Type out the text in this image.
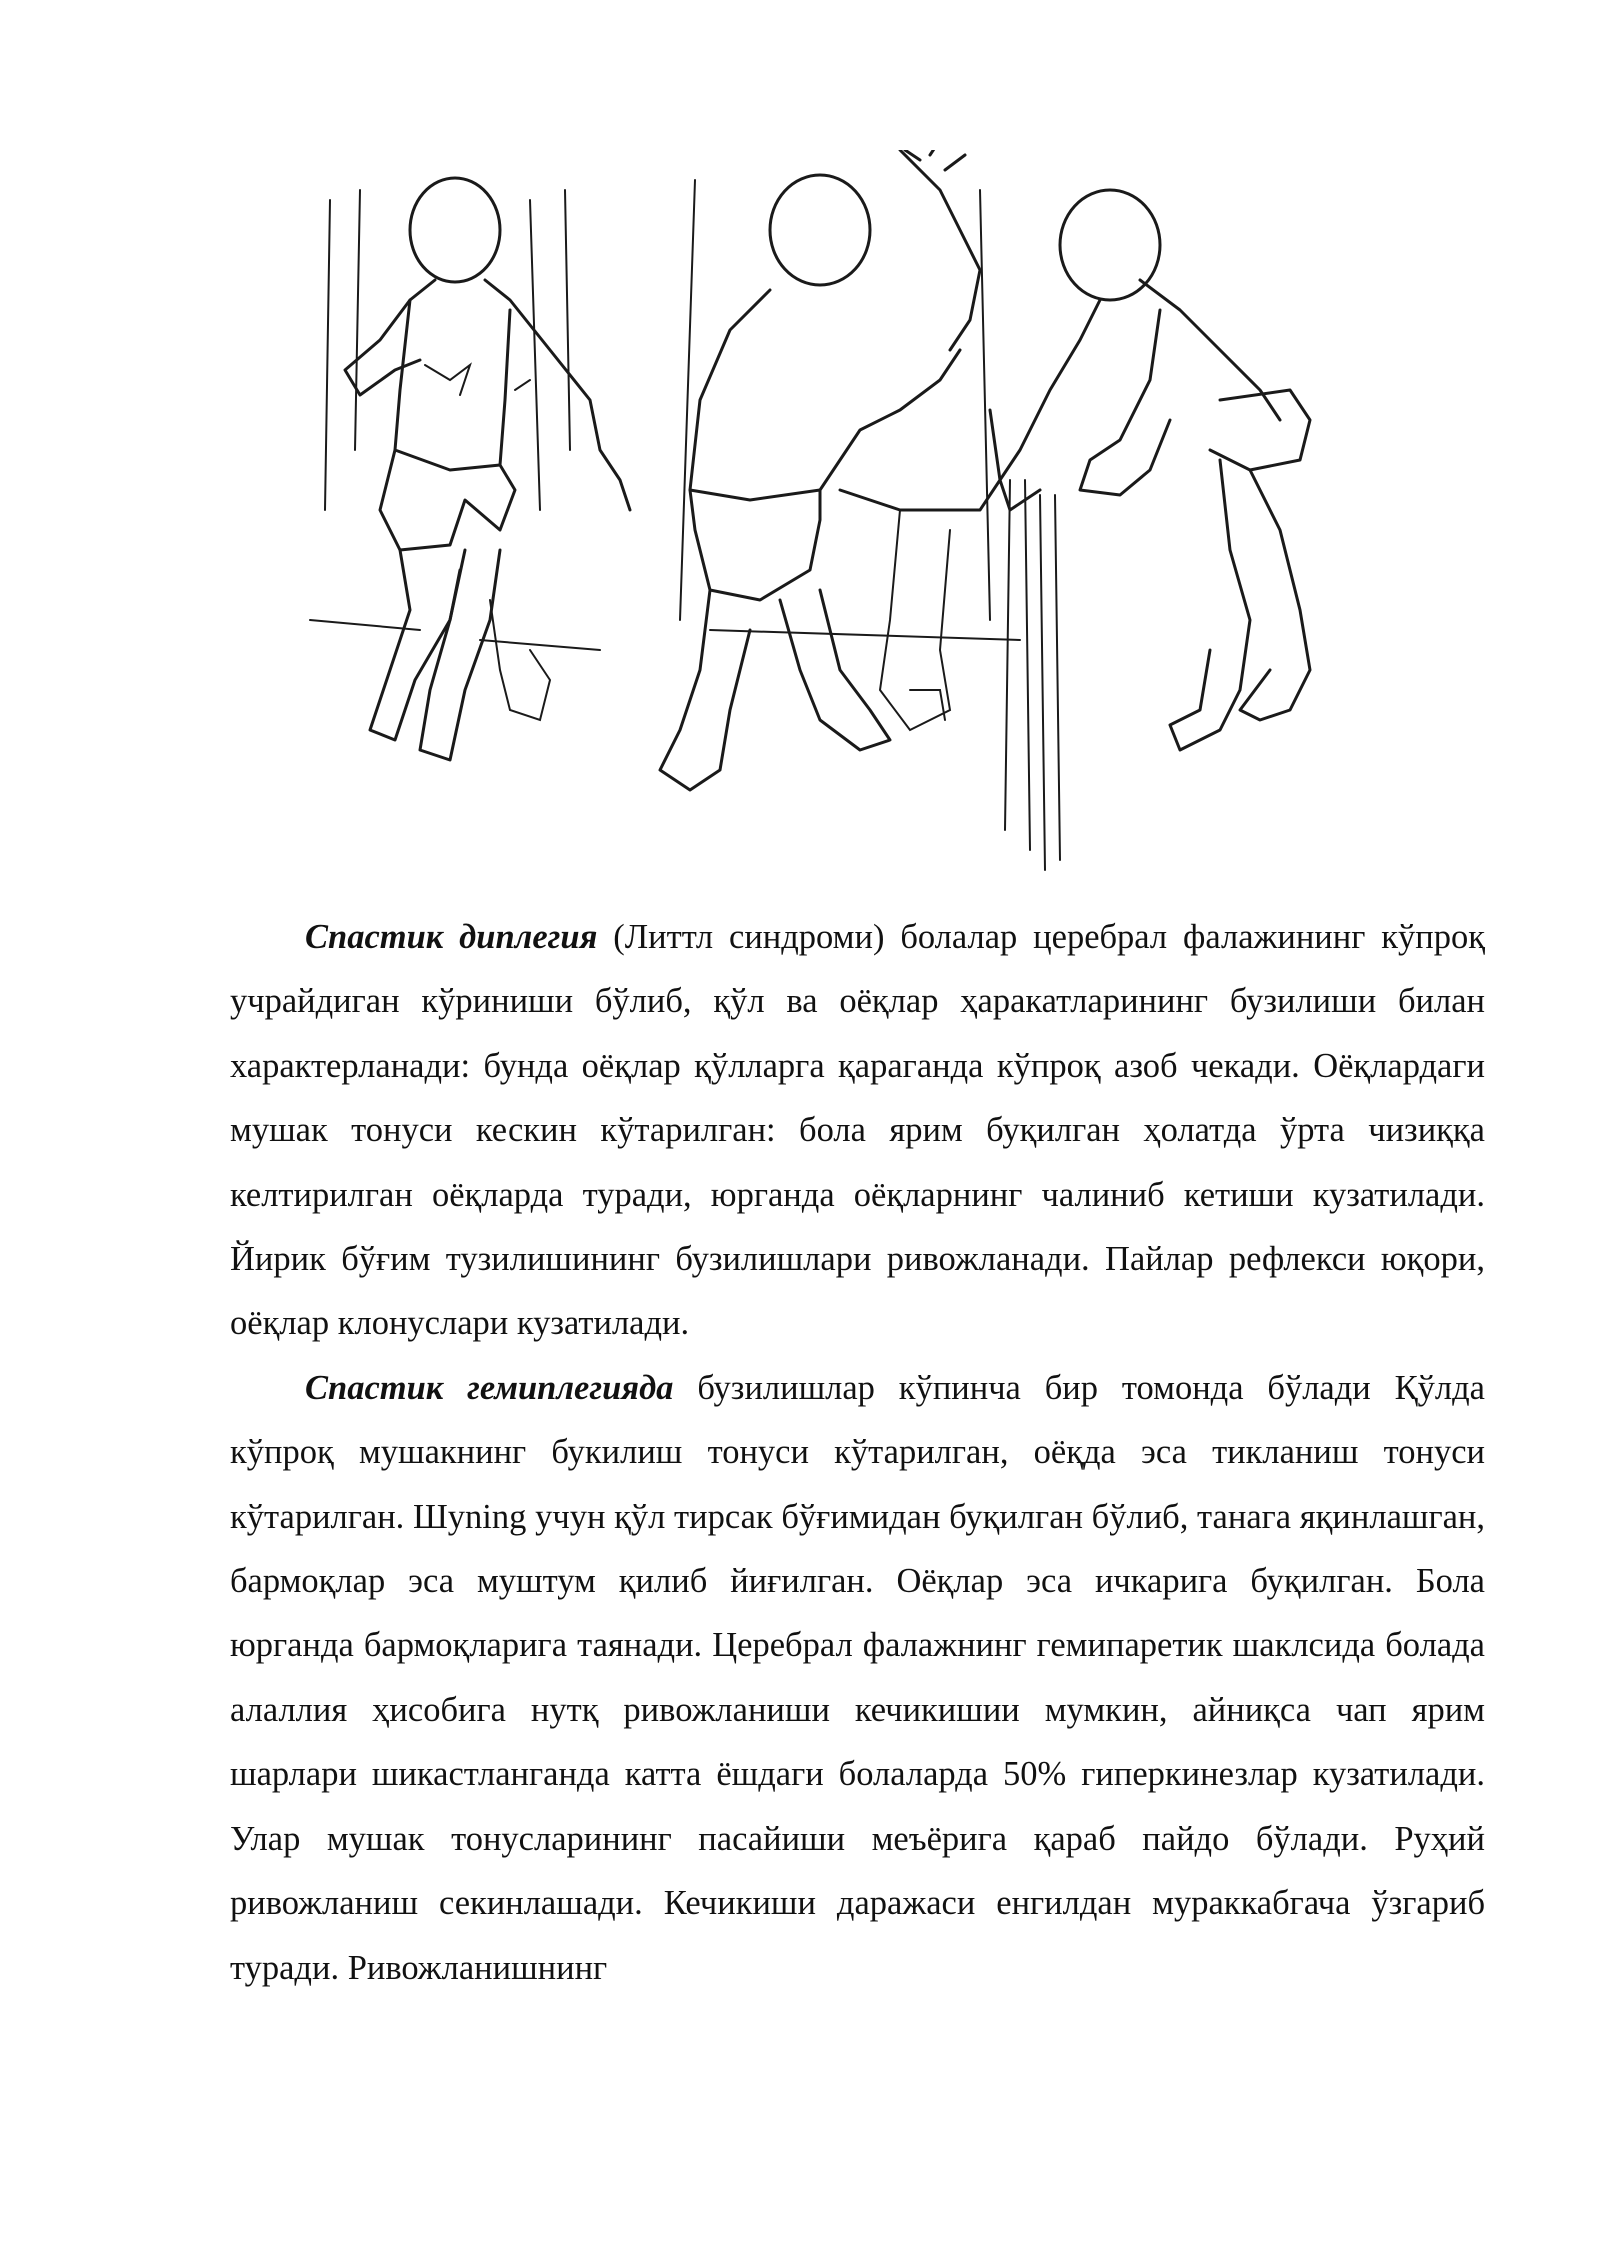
Спастик диплегия (Литтл синдроми) болалар церебрал фалажининг кўпроқ учрайдиган кўриниши бўлиб, қўл ва оёқлар ҳаракатларининг бузилиши билан характерланади: бунда оёқлар қўлларга қараганда кўпроқ азоб чекади. Оёқлардаги мушак тонуси кескин кўтарилган: бола ярим буқилган ҳолатда ўрта чизиққа келтирилган оёқларда туради, юрганда оёқларнинг чалиниб кетиши кузатилади. Йирик бўғим тузилишининг бузилишлари ривожланади. Пайлар рефлекси юқори, оёқлар клонуслари кузатилади.

Спастик гемиплегияда бузилишлар кўпинча бир томонда бўлади Қўлда кўпроқ мушакнинг букилиш тонуси кўтарилган, оёқда эса тикланиш тонуси кўтарилган. Шуning учун қўл тирсак бўғимидан буқилган бўлиб, танага яқинлашган, бармоқлар эса муштум қилиб йиғилган. Оёқлар эса ичкарига буқилган. Бола юрганда бармоқларига таянади. Церебрал фалажнинг гемипаретик шаклсида болада алаллия ҳисобига нутқ ривожланиши кечикишии мумкин, айниқса чап ярим шарлари шикастланганда катта ёшдаги болаларда 50% гиперкинезлар кузатилади. Улар мушак тонусларининг пасайиши меъёрига қараб пайдо бўлади. Руҳий ривожланиш секинлашади. Кечикиши даражаси енгилдан мураккабгача ўзгариб туради. Ривожланишнинг
